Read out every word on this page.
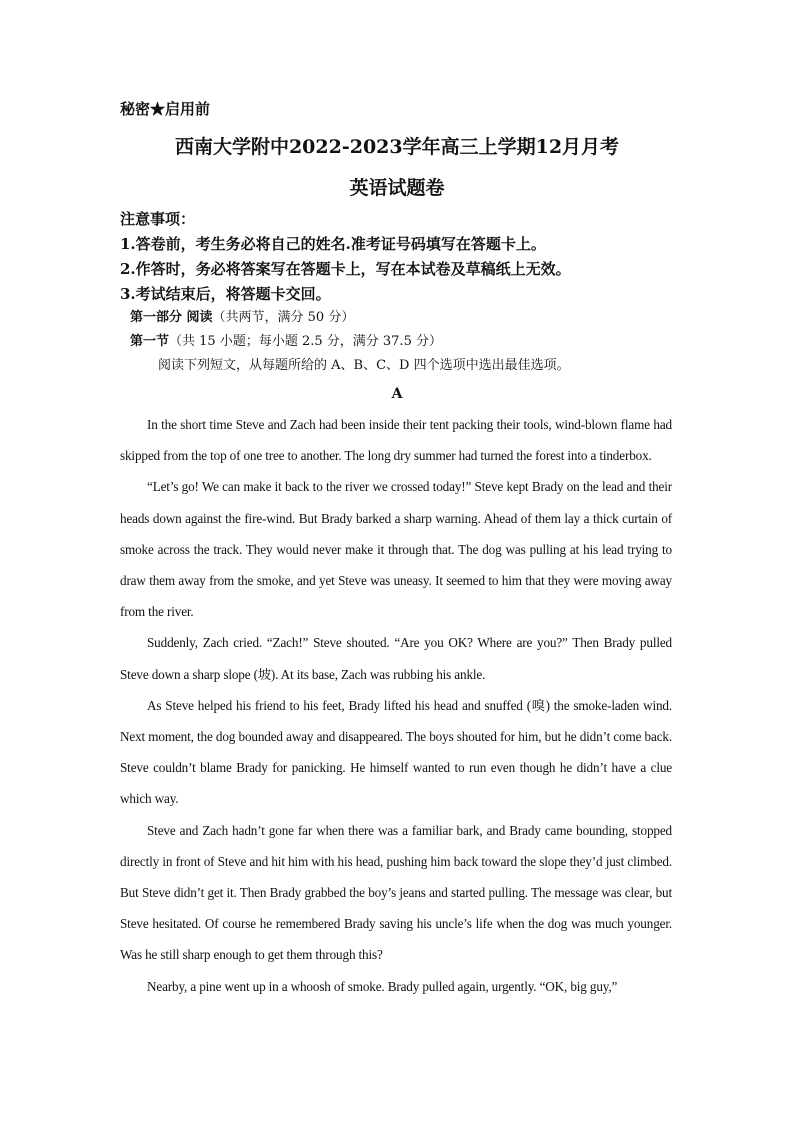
秘密★启用前
西南大学附中2022-2023学年高三上学期12月月考
英语试题卷
注意事项：
1.答卷前，考生务必将自己的姓名.准考证号码填写在答题卡上。
2.作答时，务必将答案写在答题卡上，写在本试卷及草稿纸上无效。
3.考试结束后，将答题卡交回。
第一部分 阅读（共两节，满分 50 分）
第一节（共 15 小题；每小题 2.5 分，满分 37.5 分）
阅读下列短文，从每题所给的 A、B、C、D 四个选项中选出最佳选项。
A

In the short time Steve and Zach had been inside their tent packing their tools, wind-blown flame had skipped from the top of one tree to another. The long dry summer had turned the forest into a tinderbox.

“Let’s go! We can make it back to the river we crossed today!” Steve kept Brady on the lead and their heads down against the fire-wind. But Brady barked a sharp warning. Ahead of them lay a thick curtain of smoke across the track. They would never make it through that. The dog was pulling at his lead trying to draw them away from the smoke, and yet Steve was uneasy. It seemed to him that they were moving away from the river.

Suddenly, Zach cried. “Zach!” Steve shouted. “Are you OK? Where are you?” Then Brady pulled Steve down a sharp slope (坡). At its base, Zach was rubbing his ankle.

As Steve helped his friend to his feet, Brady lifted his head and snuffed (嗅) the smoke-laden wind. Next moment, the dog bounded away and disappeared. The boys shouted for him, but he didn’t come back. Steve couldn’t blame Brady for panicking. He himself wanted to run even though he didn’t have a clue which way.

Steve and Zach hadn’t gone far when there was a familiar bark, and Brady came bounding, stopped directly in front of Steve and hit him with his head, pushing him back toward the slope they’d just climbed. But Steve didn’t get it. Then Brady grabbed the boy’s jeans and started pulling. The message was clear, but Steve hesitated. Of course he remembered Brady saving his uncle’s life when the dog was much younger. Was he still sharp enough to get them through this?

Nearby, a pine went up in a whoosh of smoke. Brady pulled again, urgently. “OK, big guy,”
